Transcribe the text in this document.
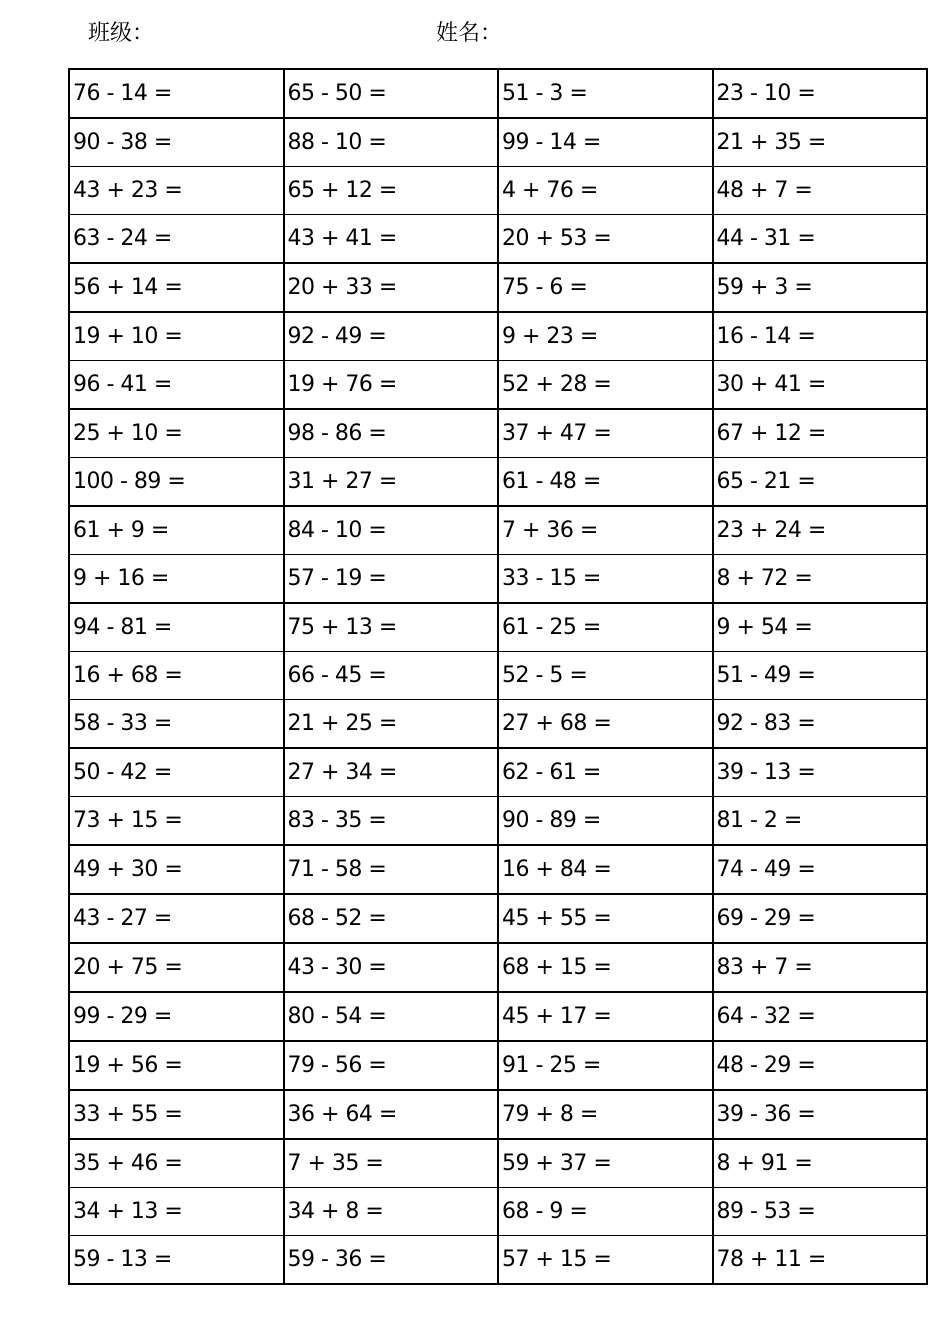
班级：	姓名：
76 - 14 =	65 - 50 =	51 - 3 =	23 - 10 =
90 - 38 =	88 - 10 =	99 - 14 =	21 + 35 =
43 + 23 =	65 + 12 =	4 + 76 =	48 + 7 =
63 - 24 =	43 + 41 =	20 + 53 =	44 - 31 =
56 + 14 =	20 + 33 =	75 - 6 =	59 + 3 =
19 + 10 =	92 - 49 =	9 + 23 =	16 - 14 =
96 - 41 =	19 + 76 =	52 + 28 =	30 + 41 =
25 + 10 =	98 - 86 =	37 + 47 =	67 + 12 =
100 - 89 =	31 + 27 =	61 - 48 =	65 - 21 =
61 + 9 =	84 - 10 =	7 + 36 =	23 + 24 =
9 + 16 =	57 - 19 =	33 - 15 =	8 + 72 =
94 - 81 =	75 + 13 =	61 - 25 =	9 + 54 =
16 + 68 =	66 - 45 =	52 - 5 =	51 - 49 =
58 - 33 =	21 + 25 =	27 + 68 =	92 - 83 =
50 - 42 =	27 + 34 =	62 - 61 =	39 - 13 =
73 + 15 =	83 - 35 =	90 - 89 =	81 - 2 =
49 + 30 =	71 - 58 =	16 + 84 =	74 - 49 =
43 - 27 =	68 - 52 =	45 + 55 =	69 - 29 =
20 + 75 =	43 - 30 =	68 + 15 =	83 + 7 =
99 - 29 =	80 - 54 =	45 + 17 =	64 - 32 =
19 + 56 =	79 - 56 =	91 - 25 =	48 - 29 =
33 + 55 =	36 + 64 =	79 + 8 =	39 - 36 =
35 + 46 =	7 + 35 =	59 + 37 =	8 + 91 =
34 + 13 =	34 + 8 =	68 - 9 =	89 - 53 =
59 - 13 =	59 - 36 =	57 + 15 =	78 + 11 =
